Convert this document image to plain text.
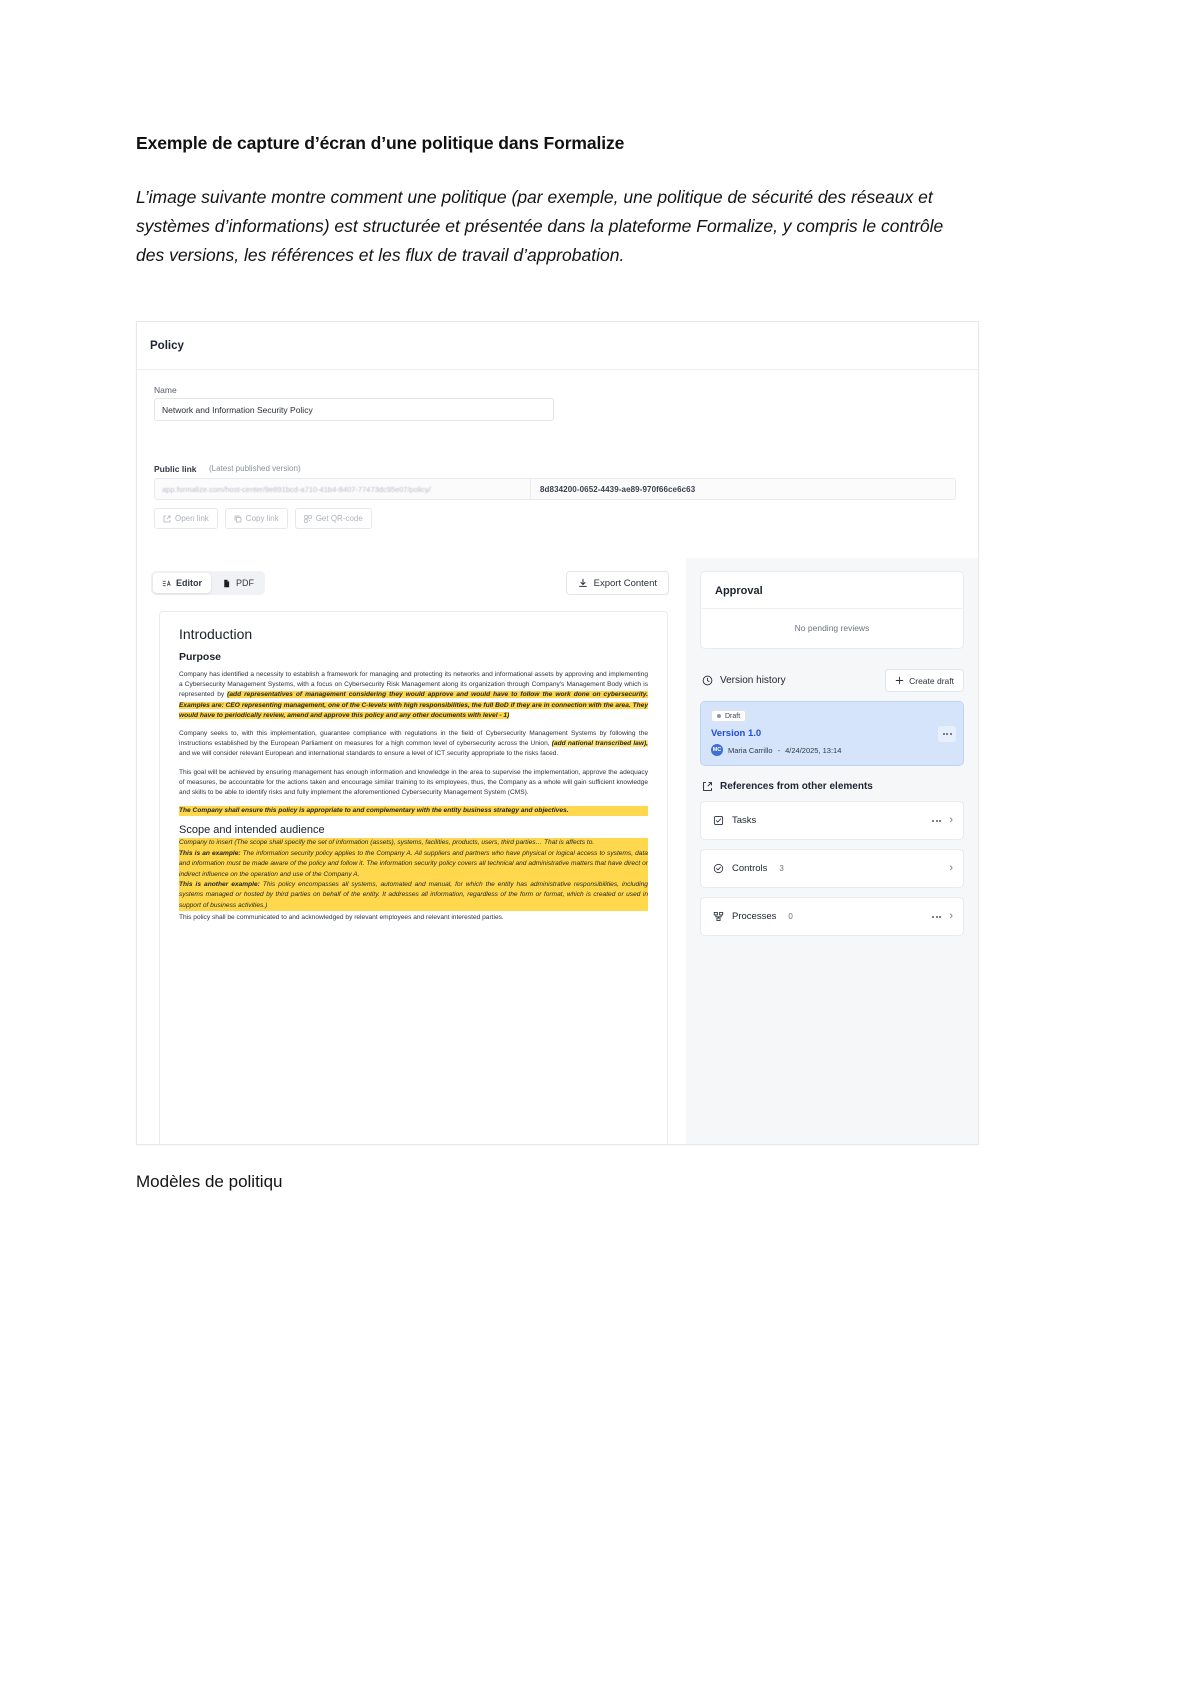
Exemple de capture d’écran d’une politique dans Formalize
L’image suivante montre comment une politique (par exemple, une politique de sécurité des réseaux et systèmes d’informations) est structurée et présentée dans la plateforme Formalize, y compris le contrôle des versions, les références et les flux de travail d’approbation.
Policy
Name
Network and Information Security Policy
Public link (Latest published version)
app.formalize.com/host-center/9e891bcd-a710-41b4-8407-77473dc95e07/policy/	8d834200-0652-4439-ae89-970f66ce6c63
Open link	Copy link	Get QR-code
Editor	PDF	Export Content
Introduction
Purpose

Company has identified a necessity to establish a framework for managing and protecting its networks and informational assets by approving and implementing a Cybersecurity Management Systems, with a focus on Cybersecurity Risk Management along its organization through Company's Management Body which is represented by (add representatives of management considering they would approve and would have to follow the work done on cybersecurity. Examples are: CEO representing management, one of the C-levels with high responsibilities, the full BoD if they are in connection with the area. They would have to periodically review, amend and approve this policy and any other documents with level - 1)

Company seeks to, with this implementation, guarantee compliance with regulations in the field of Cybersecurity Management Systems by following the instructions established by the European Parliament on measures for a high common level of cybersecurity across the Union, (add national transcribed law), and we will consider relevant European and international standards to ensure a level of ICT security appropriate to the risks faced.

This goal will be achieved by ensuring management has enough information and knowledge in the area to supervise the implementation, approve the adequacy of measures, be accountable for the actions taken and encourage similar training to its employees, thus, the Company as a whole will gain sufficient knowledge and skills to be able to identify risks and fully implement the aforementioned Cybersecurity Management System (CMS).

The Company shall ensure this policy is appropriate to and complementary with the entity business strategy and objectives.

Scope and intended audience

Company to insert (The scope shall specify the set of information (assets), systems, facilities, products, users, third parties… That is affects to.

This is an example: The information security policy applies to the Company A. All suppliers and partners who have physical or logical access to systems, data and information must be made aware of the policy and follow it. The information security policy covers all technical and administrative matters that have direct or indirect influence on the operation and use of the Company A.

This is another example: This policy encompasses all systems, automated and manual, for which the entity has administrative responsibilities, including systems managed or hosted by third parties on behalf of the entity. It addresses all information, regardless of the form or format, which is created or used in support of business activities.)

This policy shall be communicated to and acknowledged by relevant employees and relevant interested parties.

Approval
No pending reviews
Version history	Create draft
Draft
Version 1.0
MC Maria Carrillo - 4/24/2025, 13:14
References from other elements
Tasks	›
Controls 3	›
Processes 0	›
Modèles de politiqu
